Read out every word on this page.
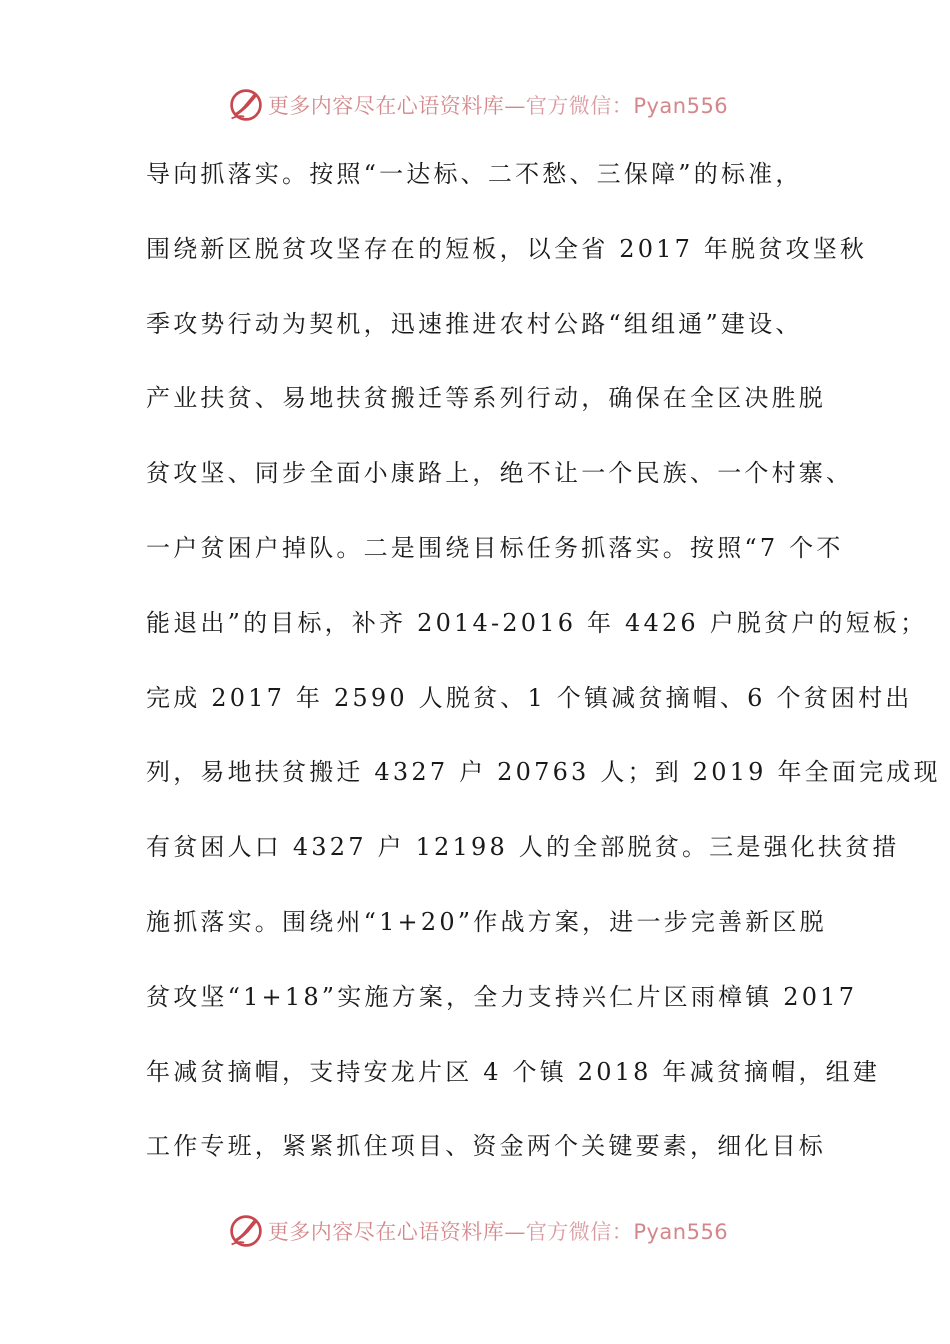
更多内容尽在心语资料库—官方微信：Pyan556
导向抓落实。按照“一达标、二不愁、三保障”的标准，
围绕新区脱贫攻坚存在的短板，以全省 2017 年脱贫攻坚秋
季攻势行动为契机，迅速推进农村公路“组组通”建设、
产业扶贫、易地扶贫搬迁等系列行动，确保在全区决胜脱
贫攻坚、同步全面小康路上，绝不让一个民族、一个村寨、
一户贫困户掉队。二是围绕目标任务抓落实。按照“7 个不
能退出”的目标，补齐 2014-2016 年 4426 户脱贫户的短板；
完成 2017 年 2590 人脱贫、1 个镇减贫摘帽、6 个贫困村出
列，易地扶贫搬迁 4327 户 20763 人；到 2019 年全面完成现
有贫困人口 4327 户 12198 人的全部脱贫。三是强化扶贫措
施抓落实。围绕州“1+20”作战方案，进一步完善新区脱
贫攻坚“1+18”实施方案，全力支持兴仁片区雨樟镇 2017
年减贫摘帽，支持安龙片区 4 个镇 2018 年减贫摘帽，组建
工作专班，紧紧抓住项目、资金两个关键要素，细化目标
更多内容尽在心语资料库—官方微信：Pyan556
